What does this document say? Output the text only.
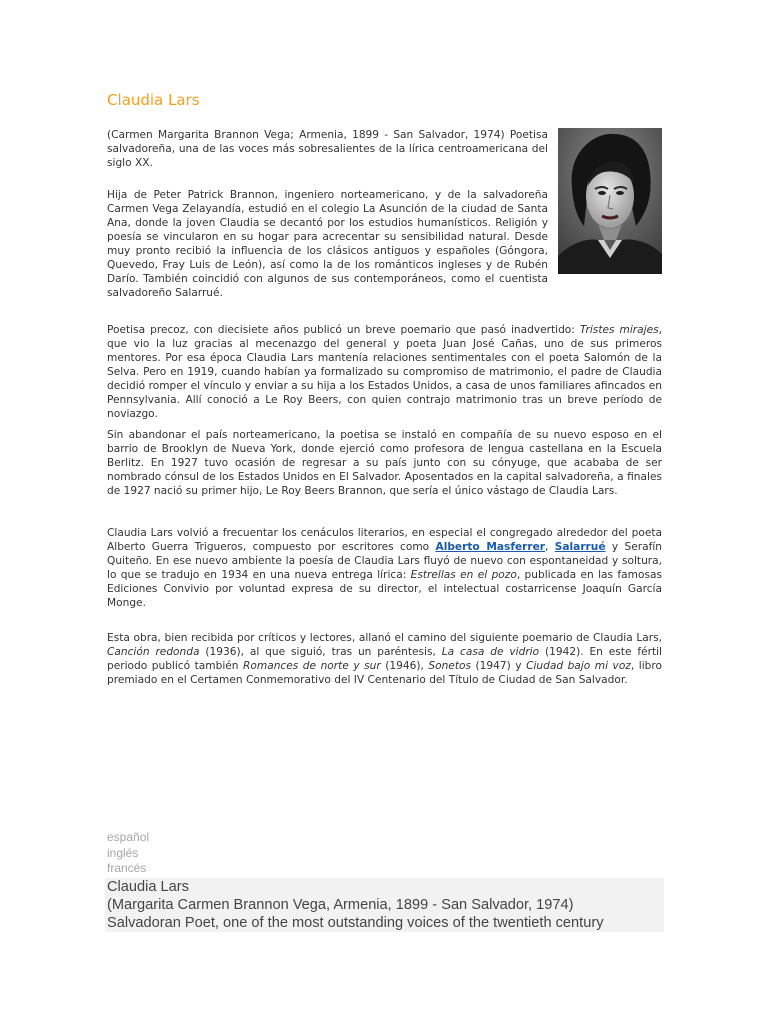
Claudia Lars

(Carmen Margarita Brannon Vega; Armenia, 1899 - San Salvador, 1974) Poetisa salvadoreña, una de las voces más sobresalientes de la lírica centroamericana del siglo XX.

Hija de Peter Patrick Brannon, ingeniero norteamericano, y de la salvadoreña Carmen Vega Zelayandía, estudió en el colegio La Asunción de la ciudad de Santa Ana, donde la joven Claudia se decantó por los estudios humanísticos. Religión y poesía se vincularon en su hogar para acrecentar su sensibilidad natural. Desde muy pronto recibió la influencia de los clásicos antiguos y españoles (Góngora, Quevedo, Fray Luis de León), así como la de los románticos ingleses y de Rubén Darío. También coincidió con algunos de sus contemporáneos, como el cuentista salvadoreño Salarrué.

Poetisa precoz, con diecisiete años publicó un breve poemario que pasó inadvertido: Tristes mirajes, que vio la luz gracias al mecenazgo del general y poeta Juan José Cañas, uno de sus primeros mentores. Por esa época Claudia Lars mantenía relaciones sentimentales con el poeta Salomón de la Selva. Pero en 1919, cuando habían ya formalizado su compromiso de matrimonio, el padre de Claudia decidió romper el vínculo y enviar a su hija a los Estados Unidos, a casa de unos familiares afincados en Pennsylvania. Allí conoció a Le Roy Beers, con quien contrajo matrimonio tras un breve período de noviazgo.

Sin abandonar el país norteamericano, la poetisa se instaló en compañía de su nuevo esposo en el barrio de Brooklyn de Nueva York, donde ejerció como profesora de lengua castellana en la Escuela Berlitz. En 1927 tuvo ocasión de regresar a su país junto con su cónyuge, que acababa de ser nombrado cónsul de los Estados Unidos en El Salvador. Aposentados en la capital salvadoreña, a finales de 1927 nació su primer hijo, Le Roy Beers Brannon, que sería el único vástago de Claudia Lars.

Claudia Lars volvió a frecuentar los cenáculos literarios, en especial el congregado alrededor del poeta Alberto Guerra Trigueros, compuesto por escritores como Alberto Masferrer, Salarrué y Serafín Quiteño. En ese nuevo ambiente la poesía de Claudia Lars fluyó de nuevo con espontaneidad y soltura, lo que se tradujo en 1934 en una nueva entrega lírica: Estrellas en el pozo, publicada en las famosas Ediciones Convivio por voluntad expresa de su director, el intelectual costarricense Joaquín García Monge.

Esta obra, bien recibida por críticos y lectores, allanó el camino del siguiente poemario de Claudia Lars, Canción redonda (1936), al que siguió, tras un paréntesis, La casa de vidrio (1942). En este fértil periodo publicó también Romances de norte y sur (1946), Sonetos (1947) y Ciudad bajo mi voz, libro premiado en el Certamen Conmemorativo del IV Centenario del Título de Ciudad de San Salvador.

español
inglés
francés
Claudia Lars
(Margarita Carmen Brannon Vega, Armenia, 1899 - San Salvador, 1974)
Salvadoran Poet, one of the most outstanding voices of the twentieth century
